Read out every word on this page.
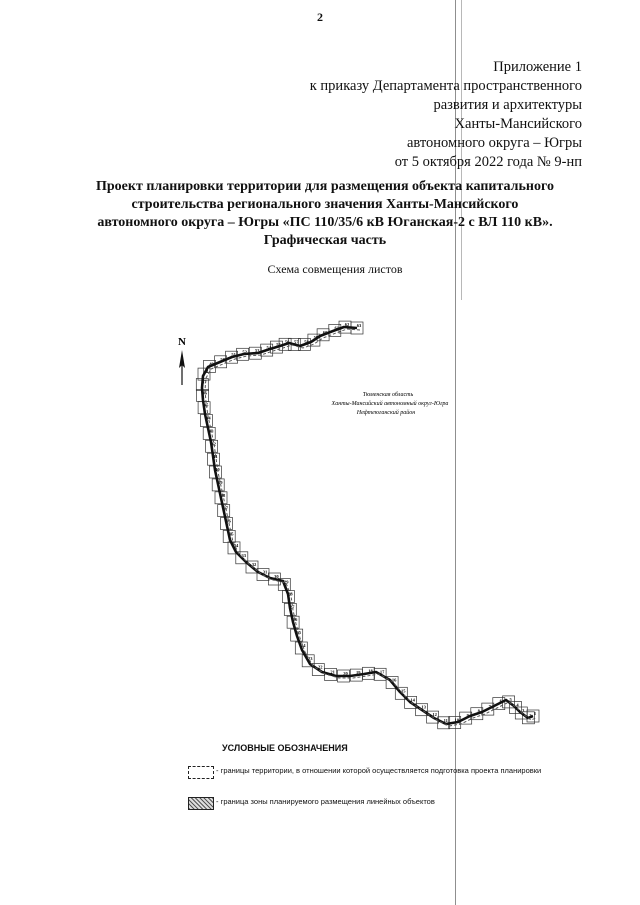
2
Приложение 1
к приказу Департамента пространственного
развития и архитектуры
Ханты-Мансийского
автономного округа – Югры
от 5 октября 2022 года № 9-нп
Проект планировки территории для размещения объекта капитального
строительства регионального значения Ханты-Мансийского
автономного округа – Югры «ПС 110/35/6 кВ Юганская-2 с ВЛ 110 кВ».
Графическая часть
Схема совмещения листов
N
Тюменская область
Ханты-Мансийский автономный округ-Югра
Нефтеюганский район
63
62
61
60
59
58
57
56
55
54
53
52
51
50
49
48
47
46
45
44
43
42
41
40
39
38
37
36
35
34
33
32
31
30
29
28
27
26
25
24
23
22
21 20 19 18 17
16
15
14
13
12
11 10
9
8
7
6 5
4
3
2 1
УСЛОВНЫЕ ОБОЗНАЧЕНИЯ
- границы территории, в отношении которой осуществляется подготовка проекта планировки
- граница зоны планируемого размещения линейных объектов
